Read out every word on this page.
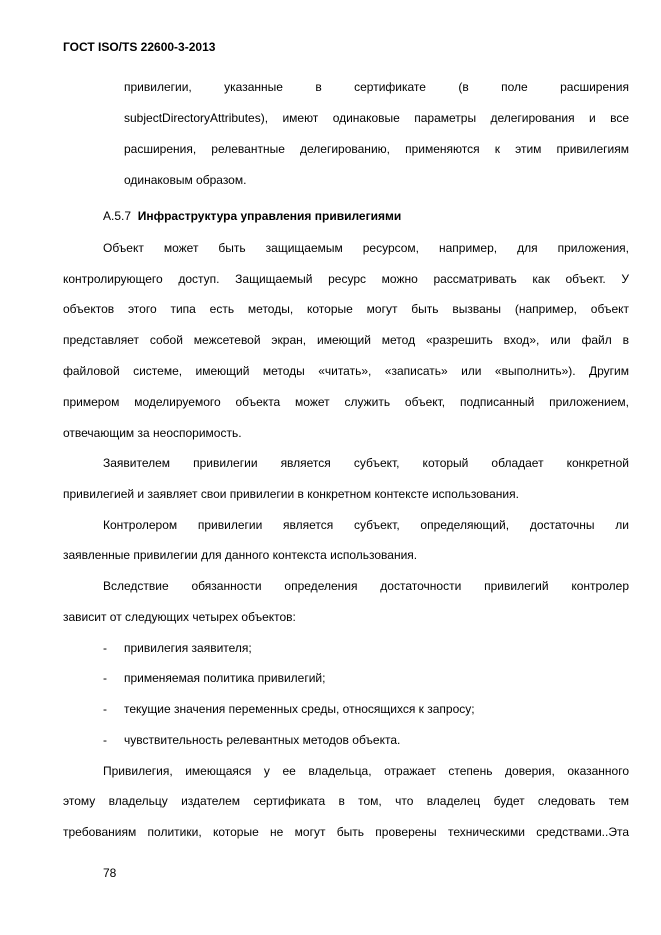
ГОСТ ISO/TS 22600-3-2013
привилегии, указанные в сертификате (в поле расширения
subjectDirectoryAttributes), имеют одинаковые параметры делегирования и все
расширения, релевантные делегированию, применяются к этим привилегиям
одинаковым образом.
А.5.7 Инфраструктура управления привилегиями
Объект может быть защищаемым ресурсом, например, для приложения,
контролирующего доступ. Защищаемый ресурс можно рассматривать как объект. У
объектов этого типа есть методы, которые могут быть вызваны (например, объект
представляет собой межсетевой экран, имеющий метод «разрешить вход», или файл в
файловой системе, имеющий методы «читать», «записать» или «выполнить»). Другим
примером моделируемого объекта может служить объект, подписанный приложением,
отвечающим за неоспоримость.
Заявителем привилегии является субъект, который обладает конкретной
привилегией и заявляет свои привилегии в конкретном контексте использования.
Контролером привилегии является субъект, определяющий, достаточны ли
заявленные привилегии для данного контекста использования.
Вследствие обязанности определения достаточности привилегий контролер
зависит от следующих четырех объектов:
- привилегия заявителя;
- применяемая политика привилегий;
- текущие значения переменных среды, относящихся к запросу;
- чувствительность релевантных методов объекта.
Привилегия, имеющаяся у ее владельца, отражает степень доверия, оказанного
этому владельцу издателем сертификата в том, что владелец будет следовать тем
требованиям политики, которые не могут быть проверены техническими средствами..Эта
78
